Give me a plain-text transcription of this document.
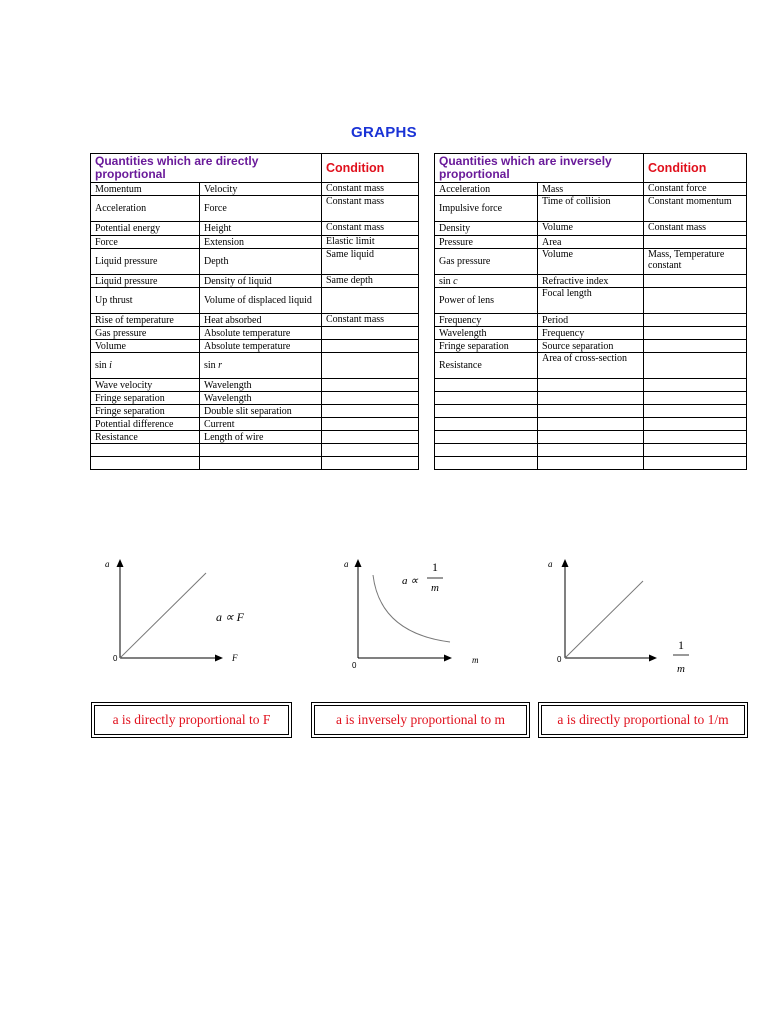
GRAPHS
Quantities which are directly proportional		Condition		Quantities which are inversely proportional		Condition
Momentum	Velocity	Constant mass		Acceleration	Mass	Constant force
Acceleration	Force	Constant mass		Impulsive force	Time of collision	Constant momentum
Potential energy	Height	Constant mass		Density	Volume	Constant mass
Force	Extension	Elastic limit		Pressure	Area	
Liquid pressure	Depth	Same liquid		Gas pressure	Volume	Mass, Temperature constant
Liquid pressure	Density of liquid	Same depth		sin c	Refractive index	
Up thrust	Volume of displaced liquid			Power of lens	Focal length	
Rise of temperature	Heat absorbed	Constant mass		Frequency	Period	
Gas pressure	Absolute temperature			Wavelength	Frequency	
Volume	Absolute temperature			Fringe separation	Source separation	
sin i	sin r			Resistance	Area of cross-section	
Wave velocity	Wavelength					
Fringe separation	Wavelength					
Fringe separation	Double slit separation					
Potential difference	Current					
Resistance	Length of wire					

a
0	F
a ∝ F
a
0
m
a ∝
1
m
a
0
1
m
a is directly proportional to F	a is inversely proportional to m	a is directly proportional to 1/m
